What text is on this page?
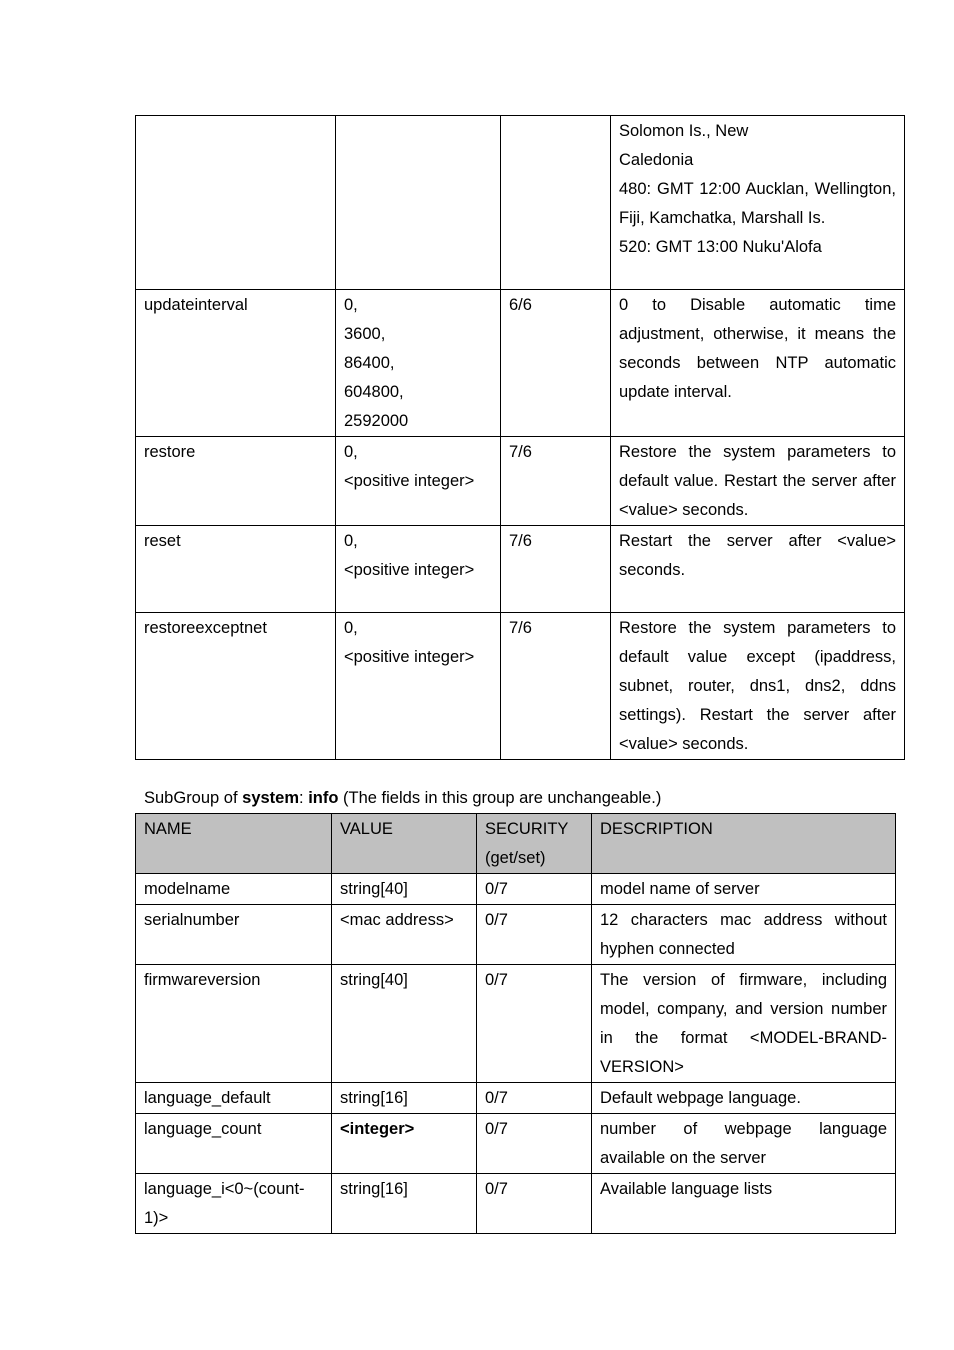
			Solomon Is., New
Caledonia
480: GMT 12:00 Aucklan, Wellington, Fiji, Kamchatka, Marshall Is.
520: GMT 13:00 Nuku'Alofa

updateinterval	0,
3600,
86400,
604800,
2592000	6/6	0 to Disable automatic time adjustment, otherwise, it means the seconds between NTP automatic update interval.
restore	0,
<positive integer>	7/6	Restore the system parameters to default value. Restart the server after <value> seconds.
reset	0,
<positive integer>	7/6	Restart the server after <value> seconds.
restoreexceptnet	0,
<positive integer>	7/6	Restore the system parameters to default value except (ipaddress, subnet, router, dns1, dns2, ddns settings). Restart the server after <value> seconds.
SubGroup of system: info (The fields in this group are unchangeable.)
NAME	VALUE	SECURITY (get/set)	DESCRIPTION
modelname	string[40]	0/7	model name of server
serialnumber	<mac address>	0/7	12 characters mac address without hyphen connected
firmwareversion	string[40]	0/7	The version of firmware, including model, company, and version number in the format <MODEL-BRAND-VERSION>
language_default	string[16]	0/7	Default webpage language.
language_count	<integer>	0/7	number of webpage language available on the server
language_i<0~(count-1)>	string[16]	0/7	Available language lists
